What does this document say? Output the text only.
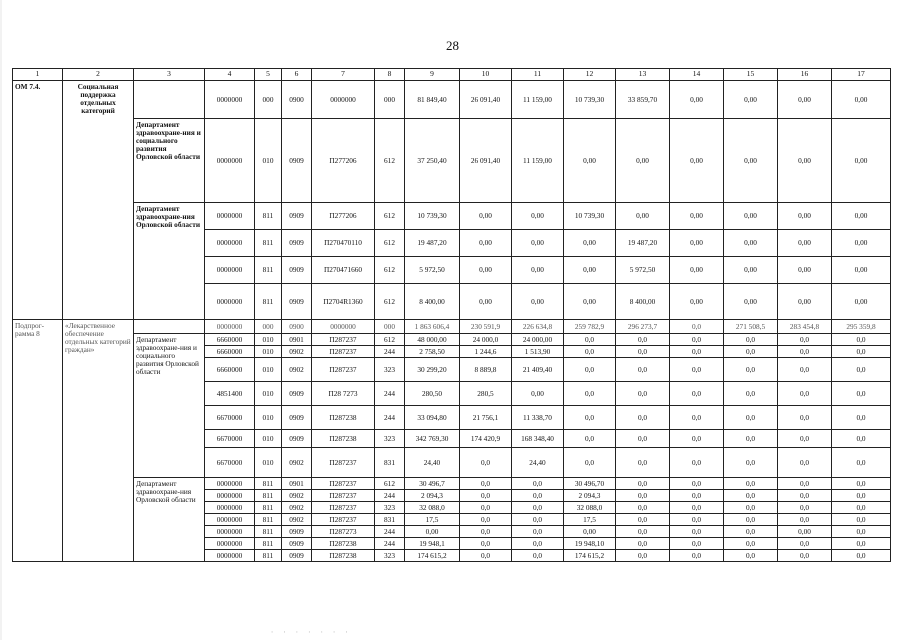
28
1	2	3	4	5	6	7	8	9	10	11	12	13	14	15	16	17
ОМ 7.4.	Социальная поддержка отдельных категорий		0000000	000	0900	0000000	000	81 849,40	26 091,40	11 159,00	10 739,30	33 859,70	0,00	0,00	0,00	0,00
		Департамент здравоохране-ния и социального развития Орловской области	0000000	010	0909	П277206	612	37 250,40	26 091,40	11 159,00	0,00	0,00	0,00	0,00	0,00	0,00
		Департамент здравоохране-ния Орловской области	0000000	811	0909	П277206	612	10 739,30	0,00	0,00	10 739,30	0,00	0,00	0,00	0,00	0,00
			0000000	811	0909	П270470110	612	19 487,20	0,00	0,00	0,00	19 487,20	0,00	0,00	0,00	0,00
			0000000	811	0909	П270471660	612	5 972,50	0,00	0,00	0,00	5 972,50	0,00	0,00	0,00	0,00
			0000000	811	0909	П2704R1360	612	8 400,00	0,00	0,00	0,00	8 400,00	0,00	0,00	0,00	0,00
Подпрог-рамма 8	«Лекарственное обеспечение отдельных категорий граждан»		0000000	000	0900	0000000	000	1 863 606,4	230 591,9	226 634,8	259 782,9	296 273,7	0,0	271 508,5	283 454,8	295 359,8
		Департамент здравоохране-ния и социального развития Орловской области	6660000	010	0901	П287237	612	48 000,00	24 000,0	24 000,00	0,0	0,0	0,0	0,0	0,0	0,0
			6660000	010	0902	П287237	244	2 758,50	1 244,6	1 513,90	0,0	0,0	0,0	0,0	0,0	0,0
			6660000	010	0902	П287237	323	30 299,20	8 889,8	21 409,40	0,0	0,0	0,0	0,0	0,0	0,0
			4851400	010	0909	П28 7273	244	280,50	280,5	0,00	0,0	0,0	0,0	0,0	0,0	0,0
			6670000	010	0909	П287238	244	33 094,80	21 756,1	11 338,70	0,0	0,0	0,0	0,0	0,0	0,0
			6670000	010	0909	П287238	323	342 769,30	174 420,9	168 348,40	0,0	0,0	0,0	0,0	0,0	0,0
			6670000	010	0902	П287237	831	24,40	0,0	24,40	0,0	0,0	0,0	0,0	0,0	0,0
		Департамент здравоохране-ния Орловской области	0000000	811	0901	П287237	612	30 496,7	0,0	0,0	30 496,70	0,0	0,0	0,0	0,0	0,0
			0000000	811	0902	П287237	244	2 094,3	0,0	0,0	2 094,3	0,0	0,0	0,0	0,0	0,0
			0000000	811	0902	П287237	323	32 088,0	0,0	0,0	32 088,0	0,0	0,0	0,0	0,0	0,0
			0000000	811	0902	П287237	831	17,5	0,0	0,0	17,5	0,0	0,0	0,0	0,0	0,0
			0000000	811	0909	П287273	244	0,00	0,0	0,0	0,00	0,0	0,0	0,0	0,00	0,0
			0000000	811	0909	П287238	244	19 948,1	0,0	0,0	19 948,10	0,0	0,0	0,0	0,0	0,0
			0000000	811	0909	П287238	323	174 615,2	0,0	0,0	174 615,2	0,0	0,0	0,0	0,0	0,0
· · · · · · ·
